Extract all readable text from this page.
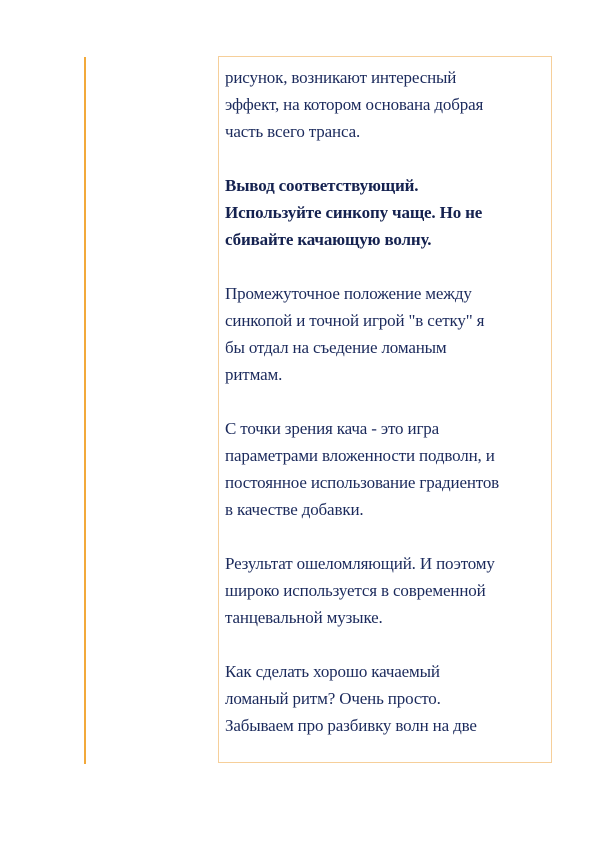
рисунок, возникают интересный
эффект, на котором основана добрая
часть всего транса.

Вывод соответствующий.
Используйте синкопу чаще. Но не
сбивайте качающую волну.

Промежуточное положение между
синкопой и точной игрой "в сетку" я
бы отдал на съедение ломаным
ритмам.

С точки зрения кача - это игра
параметрами вложенности подволн, и
постоянное использование градиентов
в качестве добавки.

Результат ошеломляющий. И поэтому
широко используется в современной
танцевальной музыке.

Как сделать хорошо качаемый
ломаный ритм? Очень просто.
Забываем про разбивку волн на две
